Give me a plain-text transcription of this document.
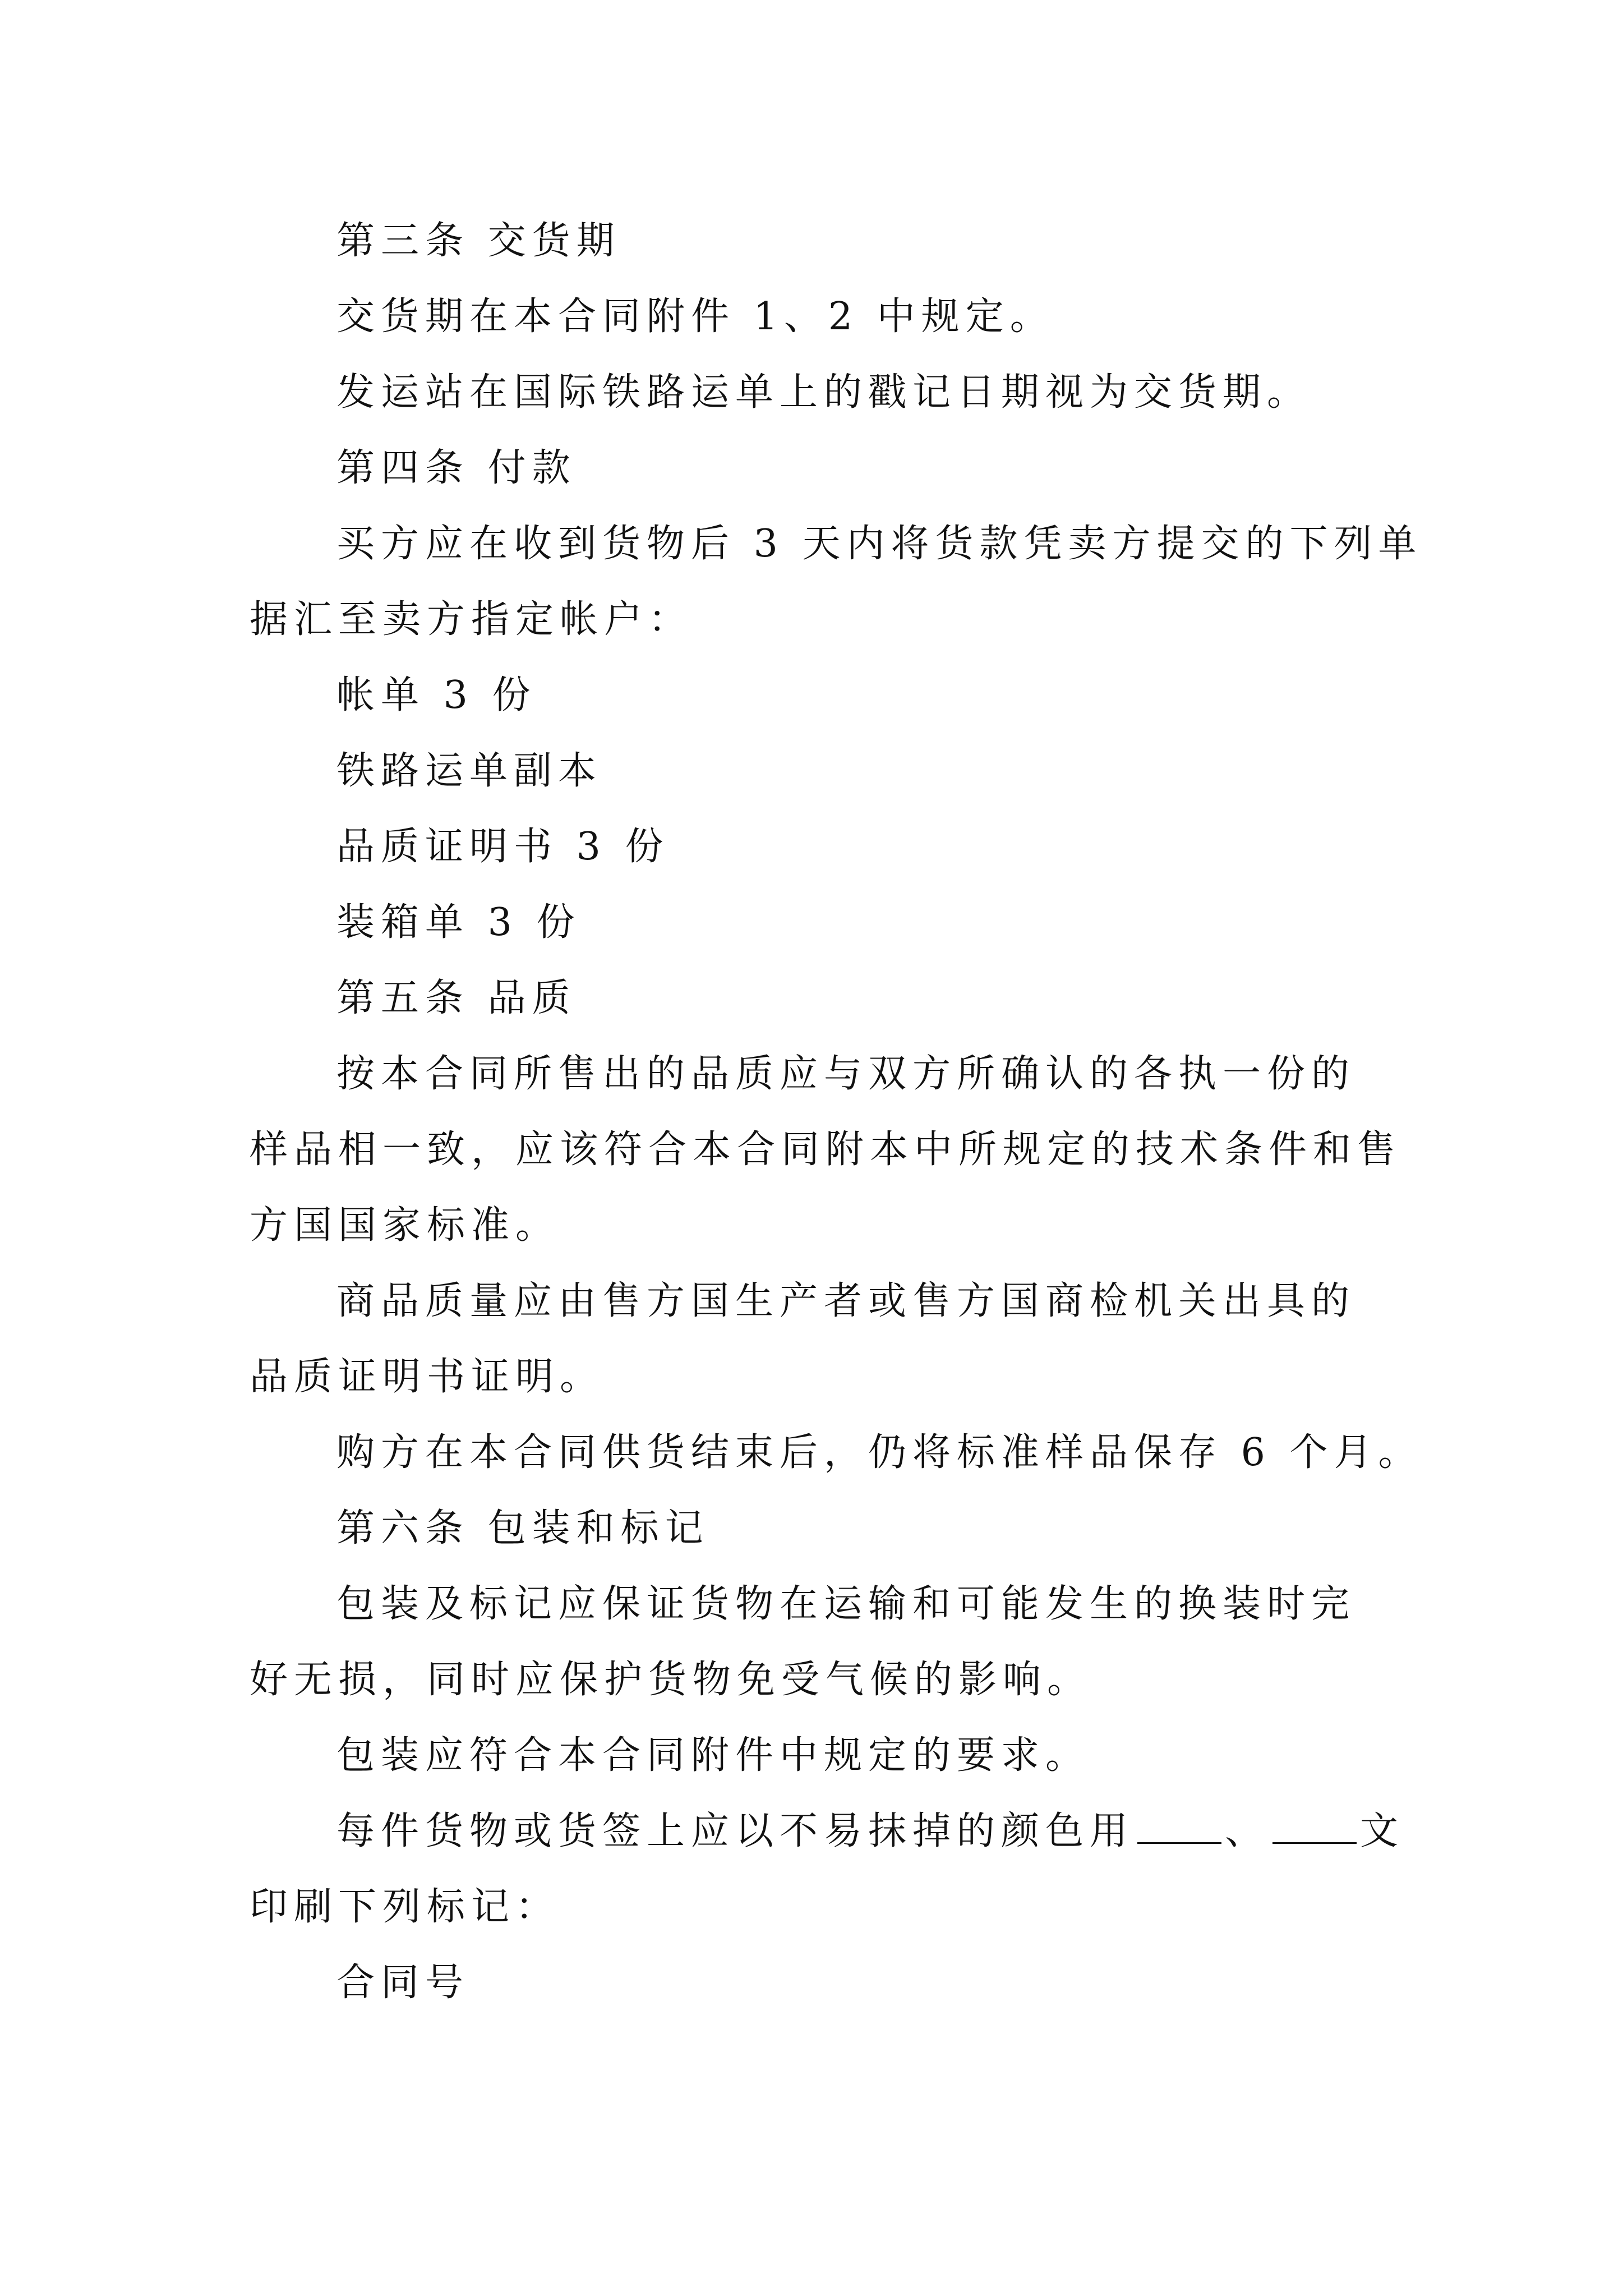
第三条 交货期
交货期在本合同附件 1、2 中规定。
发运站在国际铁路运单上的戳记日期视为交货期。
第四条 付款
买方应在收到货物后 3 天内将货款凭卖方提交的下列单
据汇至卖方指定帐户：
帐单 3 份
铁路运单副本
品质证明书 3 份
装箱单 3 份
第五条 品质
按本合同所售出的品质应与双方所确认的各执一份的
样品相一致，应该符合本合同附本中所规定的技术条件和售
方国国家标准。
商品质量应由售方国生产者或售方国商检机关出具的
品质证明书证明。
购方在本合同供货结束后，仍将标准样品保存 6 个月。
第六条 包装和标记
包装及标记应保证货物在运输和可能发生的换装时完
好无损，同时应保护货物免受气候的影响。
包装应符合本合同附件中规定的要求。
每件货物或货签上应以不易抹掉的颜色用 、 文
印刷下列标记：
合同号
